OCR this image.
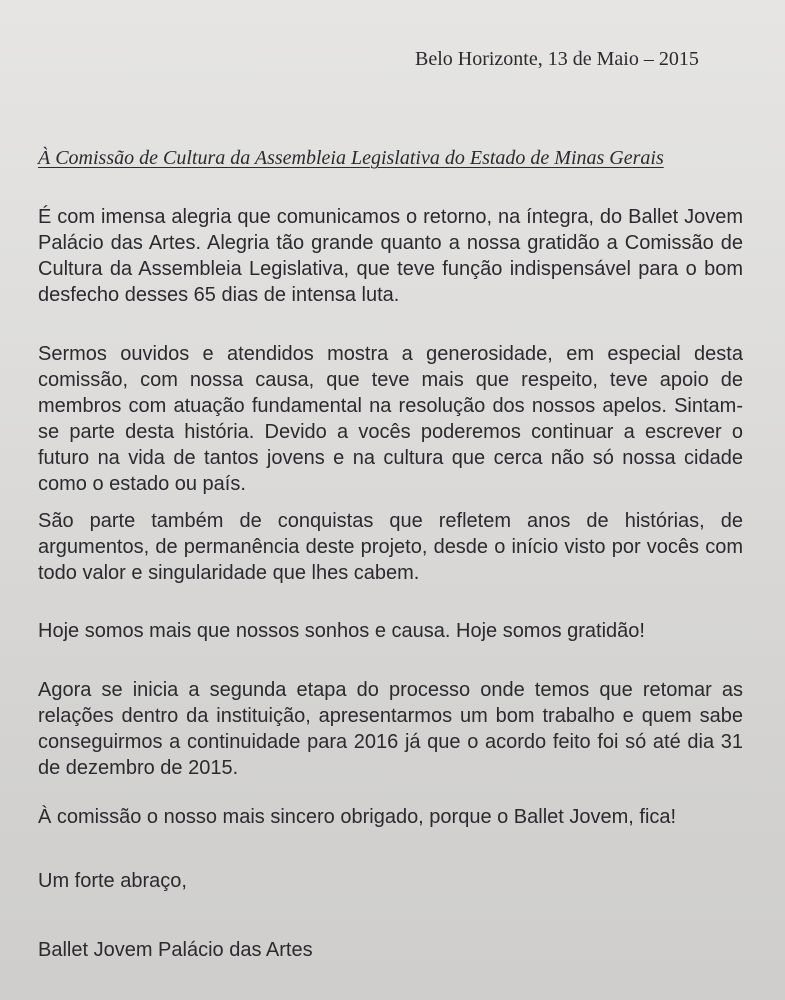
Belo Horizonte, 13 de Maio – 2015
À Comissão de Cultura da Assembleia Legislativa do Estado de Minas Gerais
É com imensa alegria que comunicamos o retorno, na íntegra, do Ballet Jovem Palácio das Artes. Alegria tão grande quanto a nossa gratidão a Comissão de Cultura da Assembleia Legislativa, que teve função indispensável para o bom desfecho desses 65 dias de intensa luta.
Sermos ouvidos e atendidos mostra a generosidade, em especial desta comissão, com nossa causa, que teve mais que respeito, teve apoio de membros com atuação fundamental na resolução dos nossos apelos. Sintam-se parte desta história. Devido a vocês poderemos continuar a escrever o futuro na vida de tantos jovens e na cultura que cerca não só nossa cidade como o estado ou país.
São parte também de conquistas que refletem anos de histórias, de argumentos, de permanência deste projeto, desde o início visto por vocês com todo valor e singularidade que lhes cabem.
Hoje somos mais que nossos sonhos e causa. Hoje somos gratidão!
Agora se inicia a segunda etapa do processo onde temos que retomar as relações dentro da instituição, apresentarmos um bom trabalho e quem sabe conseguirmos a continuidade para 2016 já que o acordo feito foi só até dia 31 de dezembro de 2015.
À comissão o nosso mais sincero obrigado, porque o Ballet Jovem, fica!
Um forte abraço,
Ballet Jovem Palácio das Artes
